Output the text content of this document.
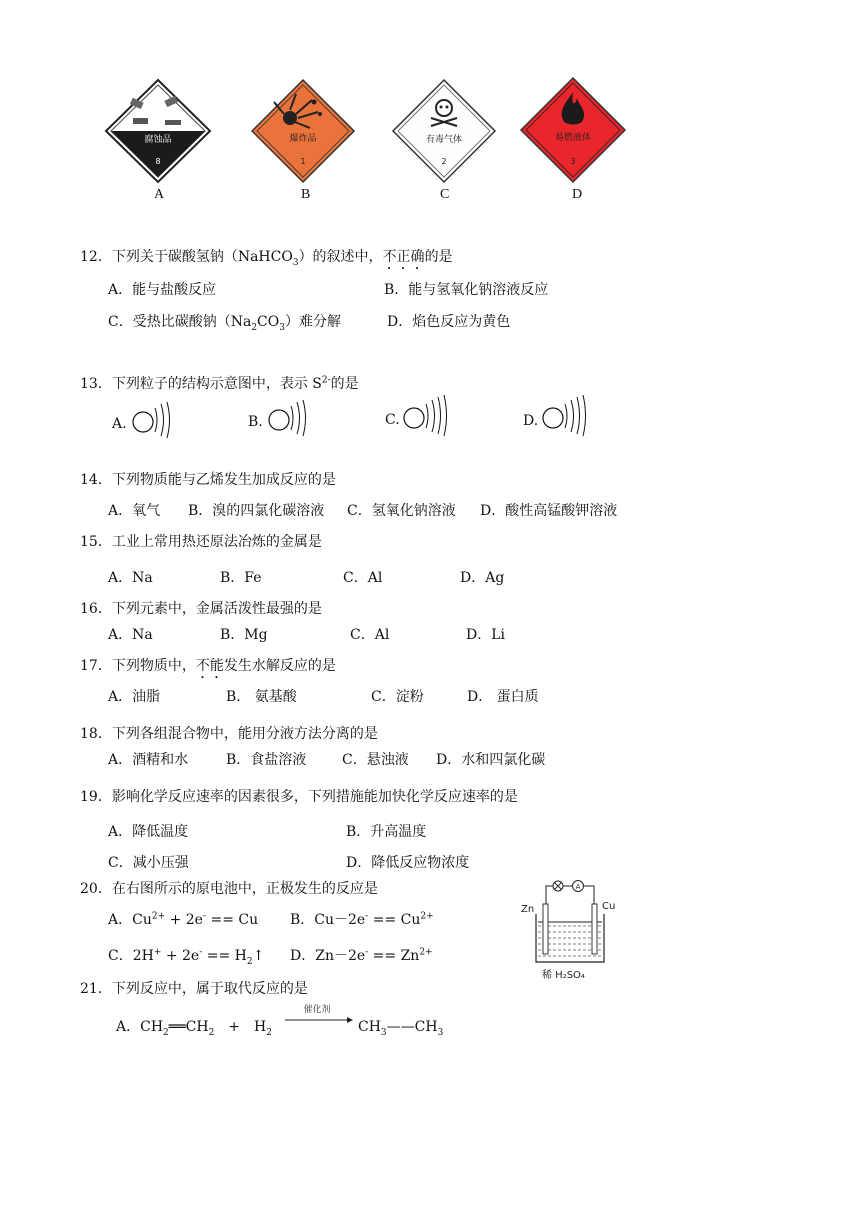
腐蚀品
8
A
爆炸品
1
B
有毒气体
2
C
易燃液体
3
D
12．下列关于碳酸氢钠（NaHCO$_3$）的叙述中，不正确的是
A．能与盐酸反应	B．能与氢氧化钠溶液反应
C．受热比碳酸钠$(Na_2CO_3)$难分解	D．焰色反应为黄色
13．下列粒子的结构示意图中，表示 $S^{2-}$的是
A.	B.	C.	D.
14．下列物质能与乙烯发生加成反应的是
A．氧气 B．溴的四氯化碳溶液 C．氢氧化钠溶液 D．酸性高锰酸钾溶液
15．工业上常用热还原法冶炼的金属是
A．Na	B．Fe	C．Al	D．Ag
16．下列元素中，金属活泼性最强的是
A．Na	B．Mg	C．Al	D．Li
17．下列物质中，不能发生水解反应的是
A．油脂	B． 氨基酸	C．淀粉	D． 蛋白质
18．下列各组混合物中，能用分液方法分离的是
A．酒精和水	B．食盐溶液	C．悬浊液 D．水和四氯化碳
19．影响化学反应速率的因素很多，下列措施能加快化学反应速率的是
A．降低温度	B．升高温度
C．减小压强	D．降低反应物浓度
20．在右图所示的原电池中，正极发生的反应是
A．$Cu^{2+} + 2e^- == Cu$ B．$Cu-2e^- == Cu^{2+}$
C．$2H^+ + 2e^- == H_2↑$ D．$Zn-2e^- == Zn^{2+}$
A
Zn	Cu
稀 H₂SO₄
21．下列反应中，属于取代反应的是
A．$CH_2══CH_2 + H_2$	$CH_3——CH_3$
催化剂
